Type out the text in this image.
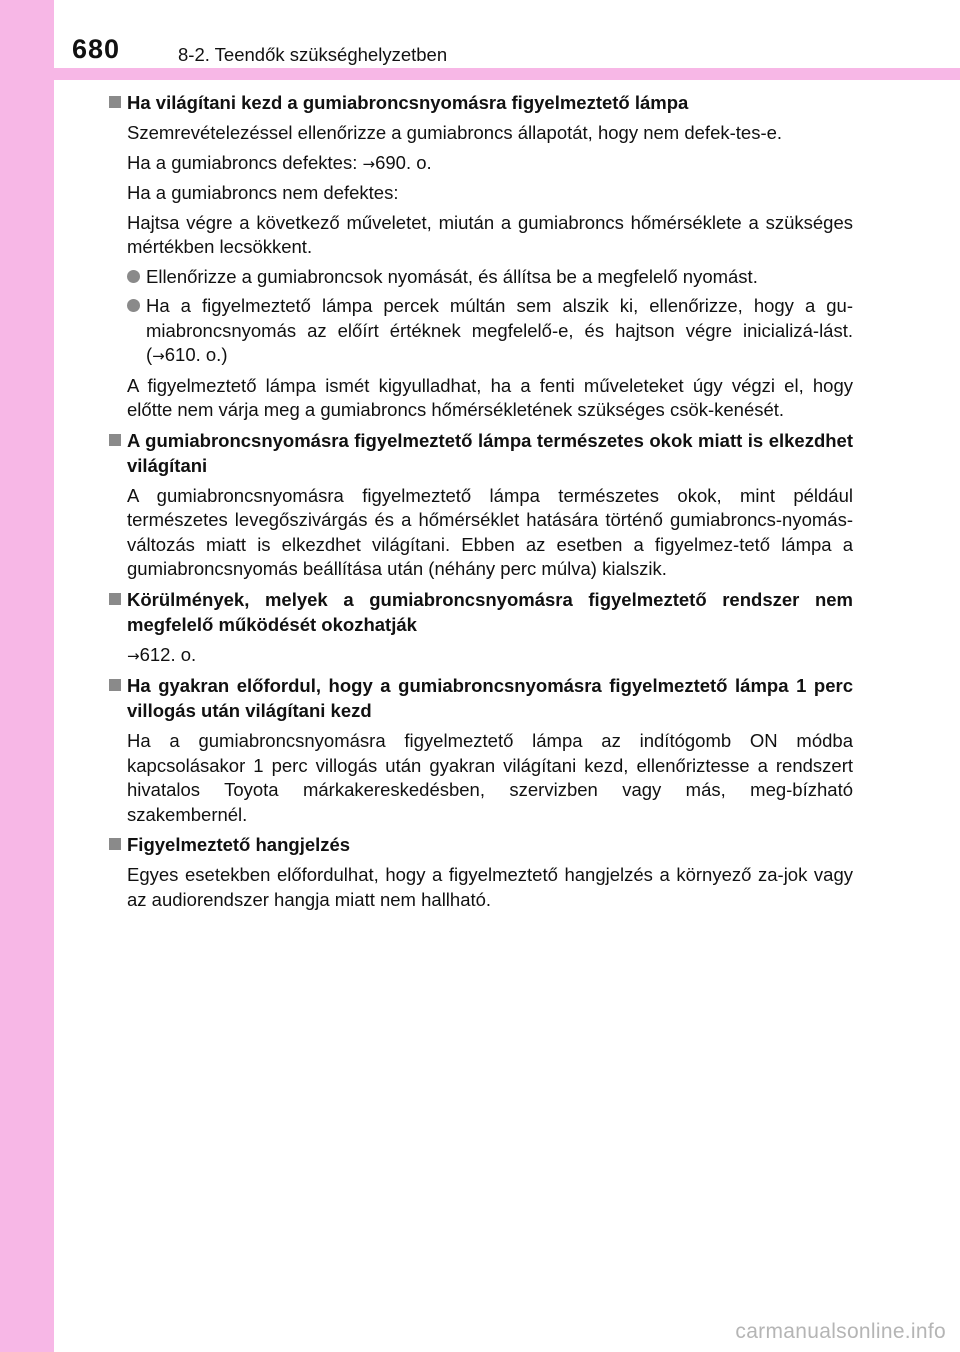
680	8-2. Teendők szükséghelyzetben
Ha világítani kezd a gumiabroncsnyomásra figyelmeztető lámpa
Szemrevételezéssel ellenőrizze a gumiabroncs állapotát, hogy nem defek-tes-e.
Ha a gumiabroncs defektes: →690. o.
Ha a gumiabroncs nem defektes:
Hajtsa végre a következő műveletet, miután a gumiabroncs hőmérséklete a szükséges mértékben lecsökkent.
Ellenőrizze a gumiabroncsok nyomását, és állítsa be a megfelelő nyomást.
Ha a figyelmeztető lámpa percek múltán sem alszik ki, ellenőrizze, hogy a gu-miabroncsnyomás az előírt értéknek megfelelő-e, és hajtson végre inicializá-lást. (→610. o.)
A figyelmeztető lámpa ismét kigyulladhat, ha a fenti műveleteket úgy végzi el, hogy előtte nem várja meg a gumiabroncs hőmérsékletének szükséges csök-kenését.
A gumiabroncsnyomásra figyelmeztető lámpa természetes okok miatt is elkezdhet világítani
A gumiabroncsnyomásra figyelmeztető lámpa természetes okok, mint például természetes levegőszivárgás és a hőmérséklet hatására történő gumiabroncs-nyomás-változás miatt is elkezdhet világítani. Ebben az esetben a figyelmez-tető lámpa a gumiabroncsnyomás beállítása után (néhány perc múlva) kialszik.
Körülmények, melyek a gumiabroncsnyomásra figyelmeztető rendszer nem megfelelő működését okozhatják
→612. o.
Ha gyakran előfordul, hogy a gumiabroncsnyomásra figyelmeztető lámpa 1 perc villogás után világítani kezd
Ha a gumiabroncsnyomásra figyelmeztető lámpa az indítógomb ON módba kapcsolásakor 1 perc villogás után gyakran világítani kezd, ellenőriztesse a rendszert hivatalos Toyota márkakereskedésben, szervizben vagy más, meg-bízható szakembernél.
Figyelmeztető hangjelzés
Egyes esetekben előfordulhat, hogy a figyelmeztető hangjelzés a környező za-jok vagy az audiorendszer hangja miatt nem hallható.
carmanualsonline.info
